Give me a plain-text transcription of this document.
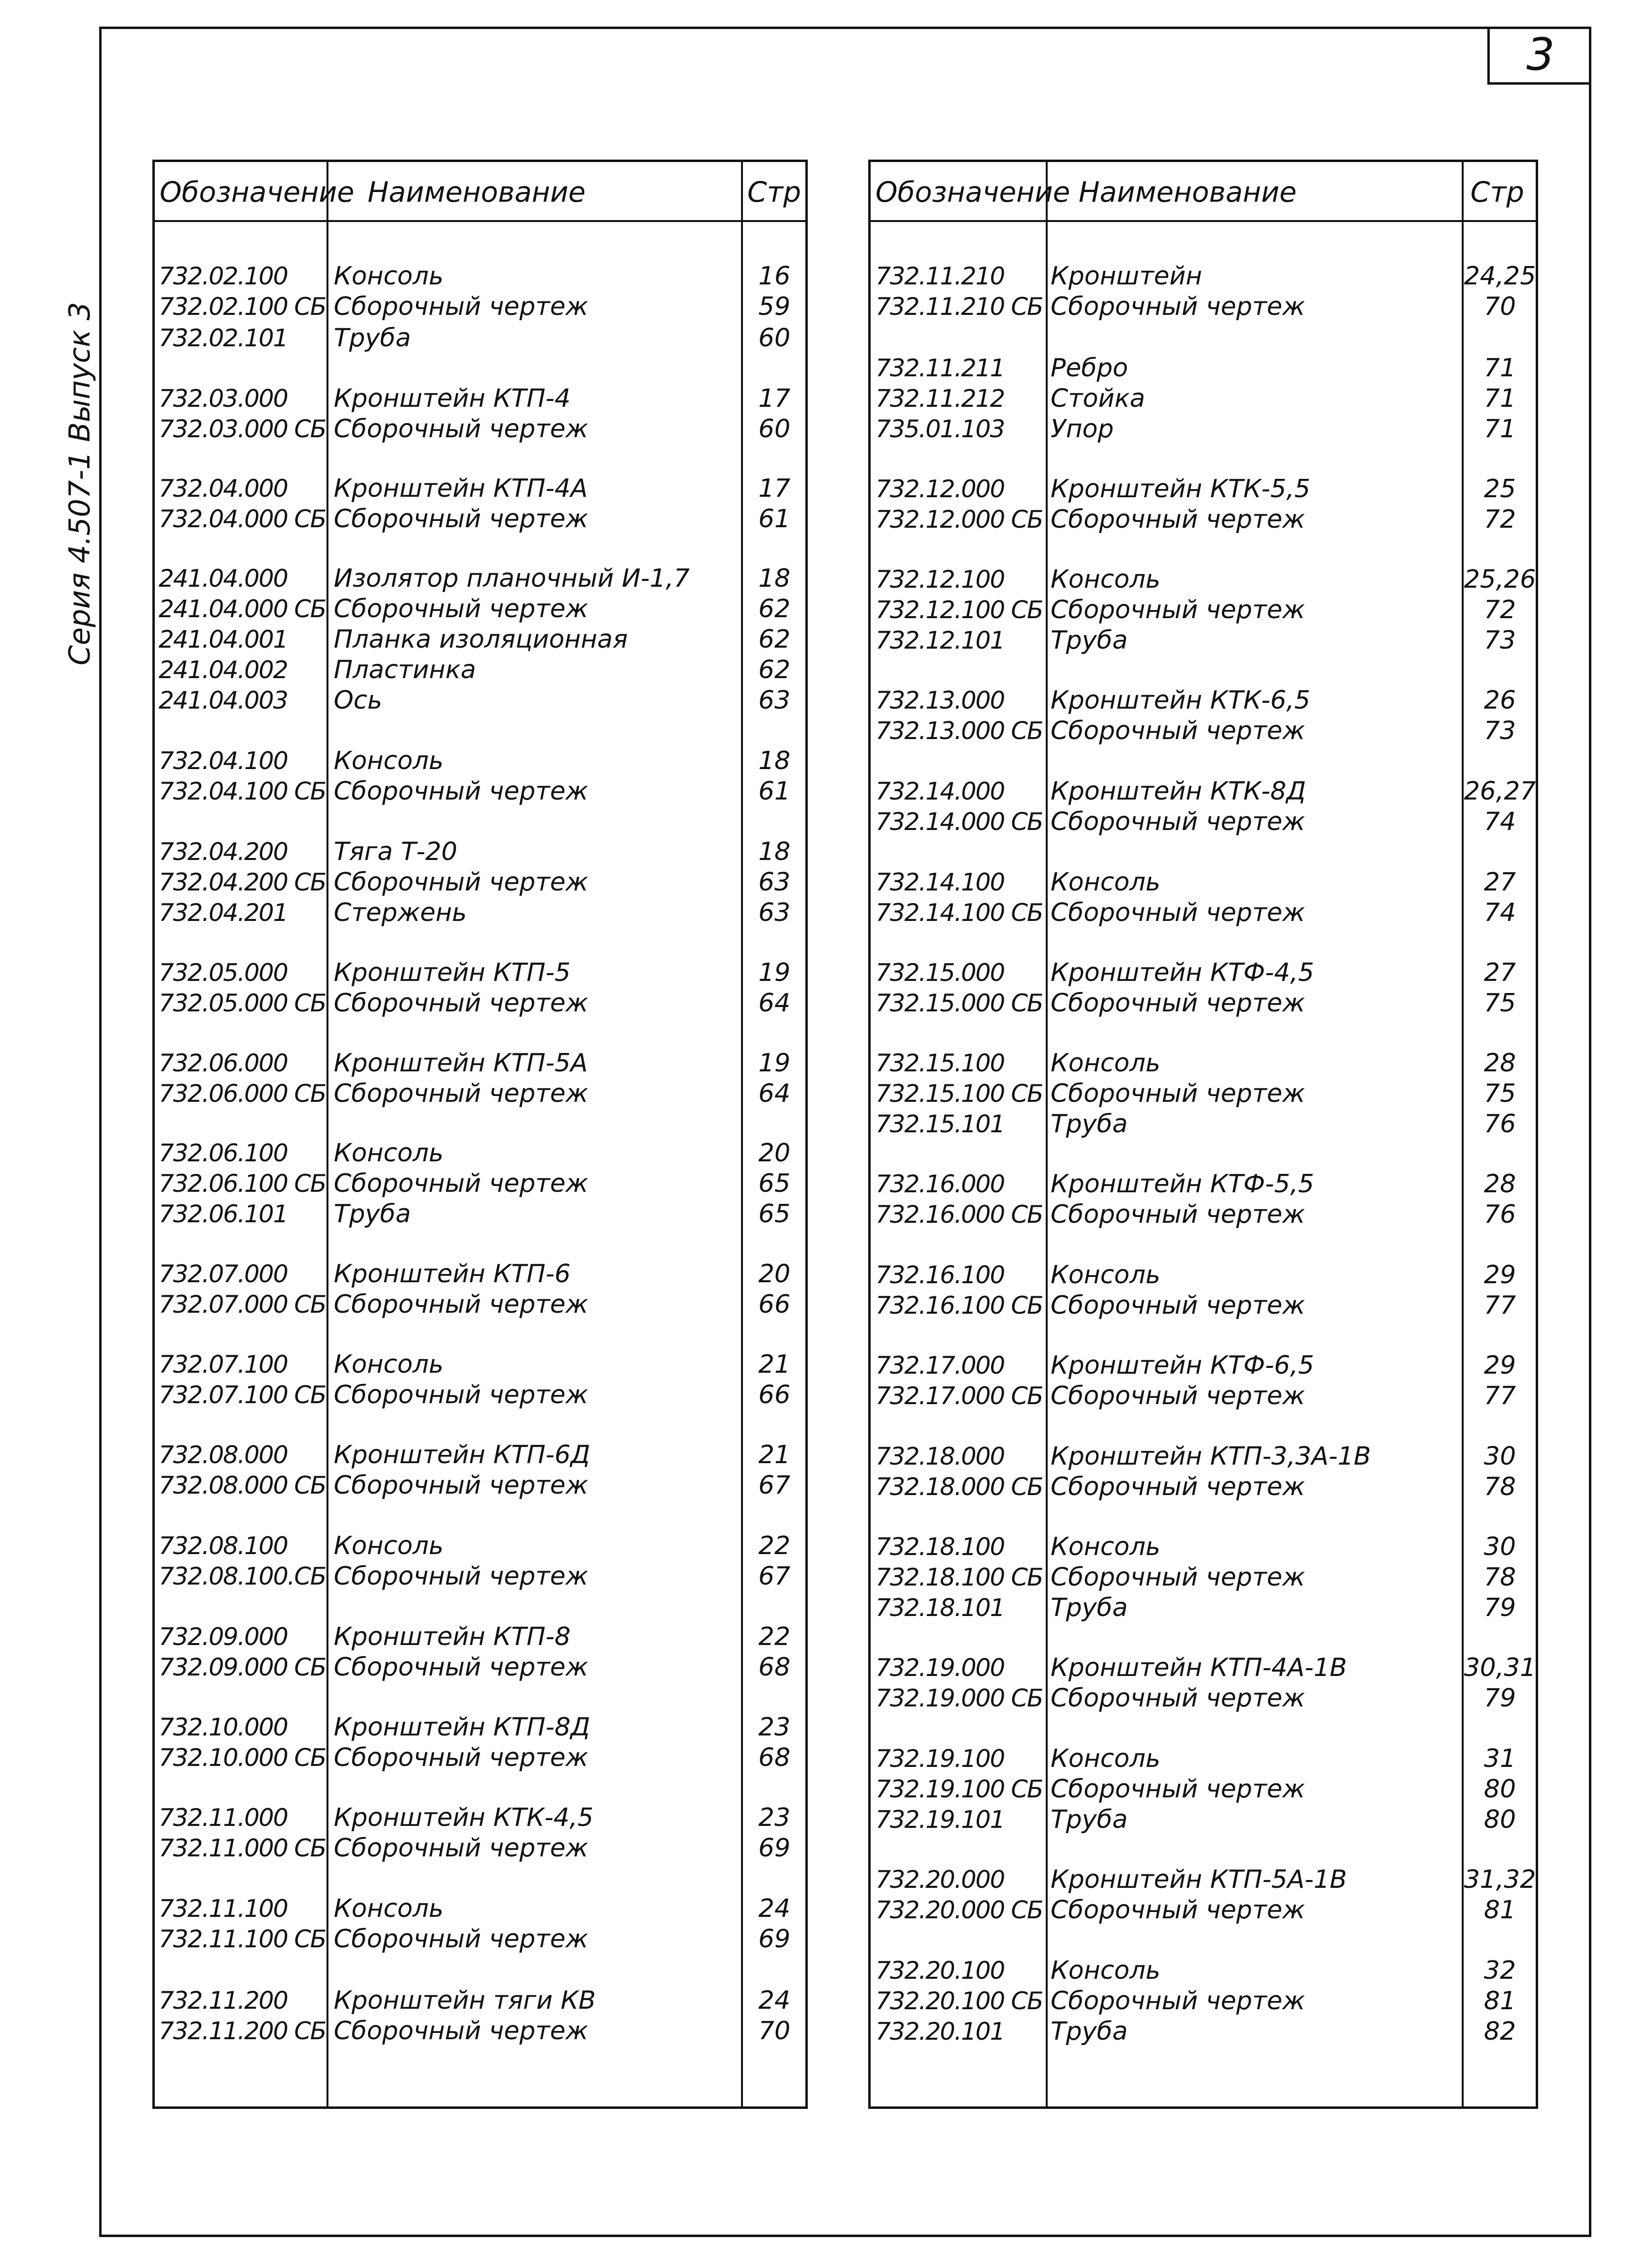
3
Серия 4.507-1 Выпуск 3
Обозначение Наименование	Стр
732.02.100 Консоль	16
732.02.100 СБ Сборочный чертеж	59
732.02.101 Труба	60
732.03.000 Кронштейн КТП-4	17
732.03.000 СБ Сборочный чертеж	60
732.04.000 Кронштейн КТП-4А	17
732.04.000 СБ Сборочный чертеж	61
241.04.000 Изолятор планочный И-1,7	18
241.04.000 СБ Сборочный чертеж	62
241.04.001 Планка изоляционная	62
241.04.002 Пластинка	62
241.04.003 Ось	63
732.04.100 Консоль	18
732.04.100 СБ Сборочный чертеж	61
732.04.200 Тяга Т-20	18
732.04.200 СБ Сборочный чертеж	63
732.04.201 Стержень	63
732.05.000 Кронштейн КТП-5	19
732.05.000 СБ Сборочный чертеж	64
732.06.000 Кронштейн КТП-5А	19
732.06.000 СБ Сборочный чертеж	64
732.06.100 Консоль	20
732.06.100 СБ Сборочный чертеж	65
732.06.101 Труба	65
732.07.000 Кронштейн КТП-6	20
732.07.000 СБ Сборочный чертеж	66
732.07.100 Консоль	21
732.07.100 СБ Сборочный чертеж	66
732.08.000 Кронштейн КТП-6Д	21
732.08.000 СБ Сборочный чертеж	67
732.08.100 Консоль	22
732.08.100.СБ Сборочный чертеж	67
732.09.000 Кронштейн КТП-8	22
732.09.000 СБ Сборочный чертеж	68
732.10.000 Кронштейн КТП-8Д	23
732.10.000 СБ Сборочный чертеж	68
732.11.000 Кронштейн КТК-4,5	23
732.11.000 СБ Сборочный чертеж	69
732.11.100 Консоль	24
732.11.100 СБ Сборочный чертеж	69
732.11.200 Кронштейн тяги КВ	24
732.11.200 СБ Сборочный чертеж	70
Обозначение Наименование	Стр
732.11.210 Кронштейн	24,25
732.11.210 СБ Сборочный чертеж	70
732.11.211 Ребро	71
732.11.212 Стойка	71
735.01.103 Упор	71
732.12.000 Кронштейн КТК-5,5	25
732.12.000 СБ Сборочный чертеж	72
732.12.100 Консоль	25,26
732.12.100 СБ Сборочный чертеж	72
732.12.101 Труба	73
732.13.000 Кронштейн КТК-6,5	26
732.13.000 СБ Сборочный чертеж	73
732.14.000 Кронштейн КТК-8Д	26,27
732.14.000 СБ Сборочный чертеж	74
732.14.100 Консоль	27
732.14.100 СБ Сборочный чертеж	74
732.15.000 Кронштейн КТФ-4,5	27
732.15.000 СБ Сборочный чертеж	75
732.15.100 Консоль	28
732.15.100 СБ Сборочный чертеж	75
732.15.101 Труба	76
732.16.000 Кронштейн КТФ-5,5	28
732.16.000 СБ Сборочный чертеж	76
732.16.100 Консоль	29
732.16.100 СБ Сборочный чертеж	77
732.17.000 Кронштейн КТФ-6,5	29
732.17.000 СБ Сборочный чертеж	77
732.18.000 Кронштейн КТП-3,3А-1В	30
732.18.000 СБ Сборочный чертеж	78
732.18.100 Консоль	30
732.18.100 СБ Сборочный чертеж	78
732.18.101 Труба	79
732.19.000 Кронштейн КТП-4А-1В	30,31
732.19.000 СБ Сборочный чертеж	79
732.19.100 Консоль	31
732.19.100 СБ Сборочный чертеж	80
732.19.101 Труба	80
732.20.000 Кронштейн КТП-5А-1В	31,32
732.20.000 СБ Сборочный чертеж	81
732.20.100 Консоль	32
732.20.100 СБ Сборочный чертеж	81
732.20.101 Труба	82
